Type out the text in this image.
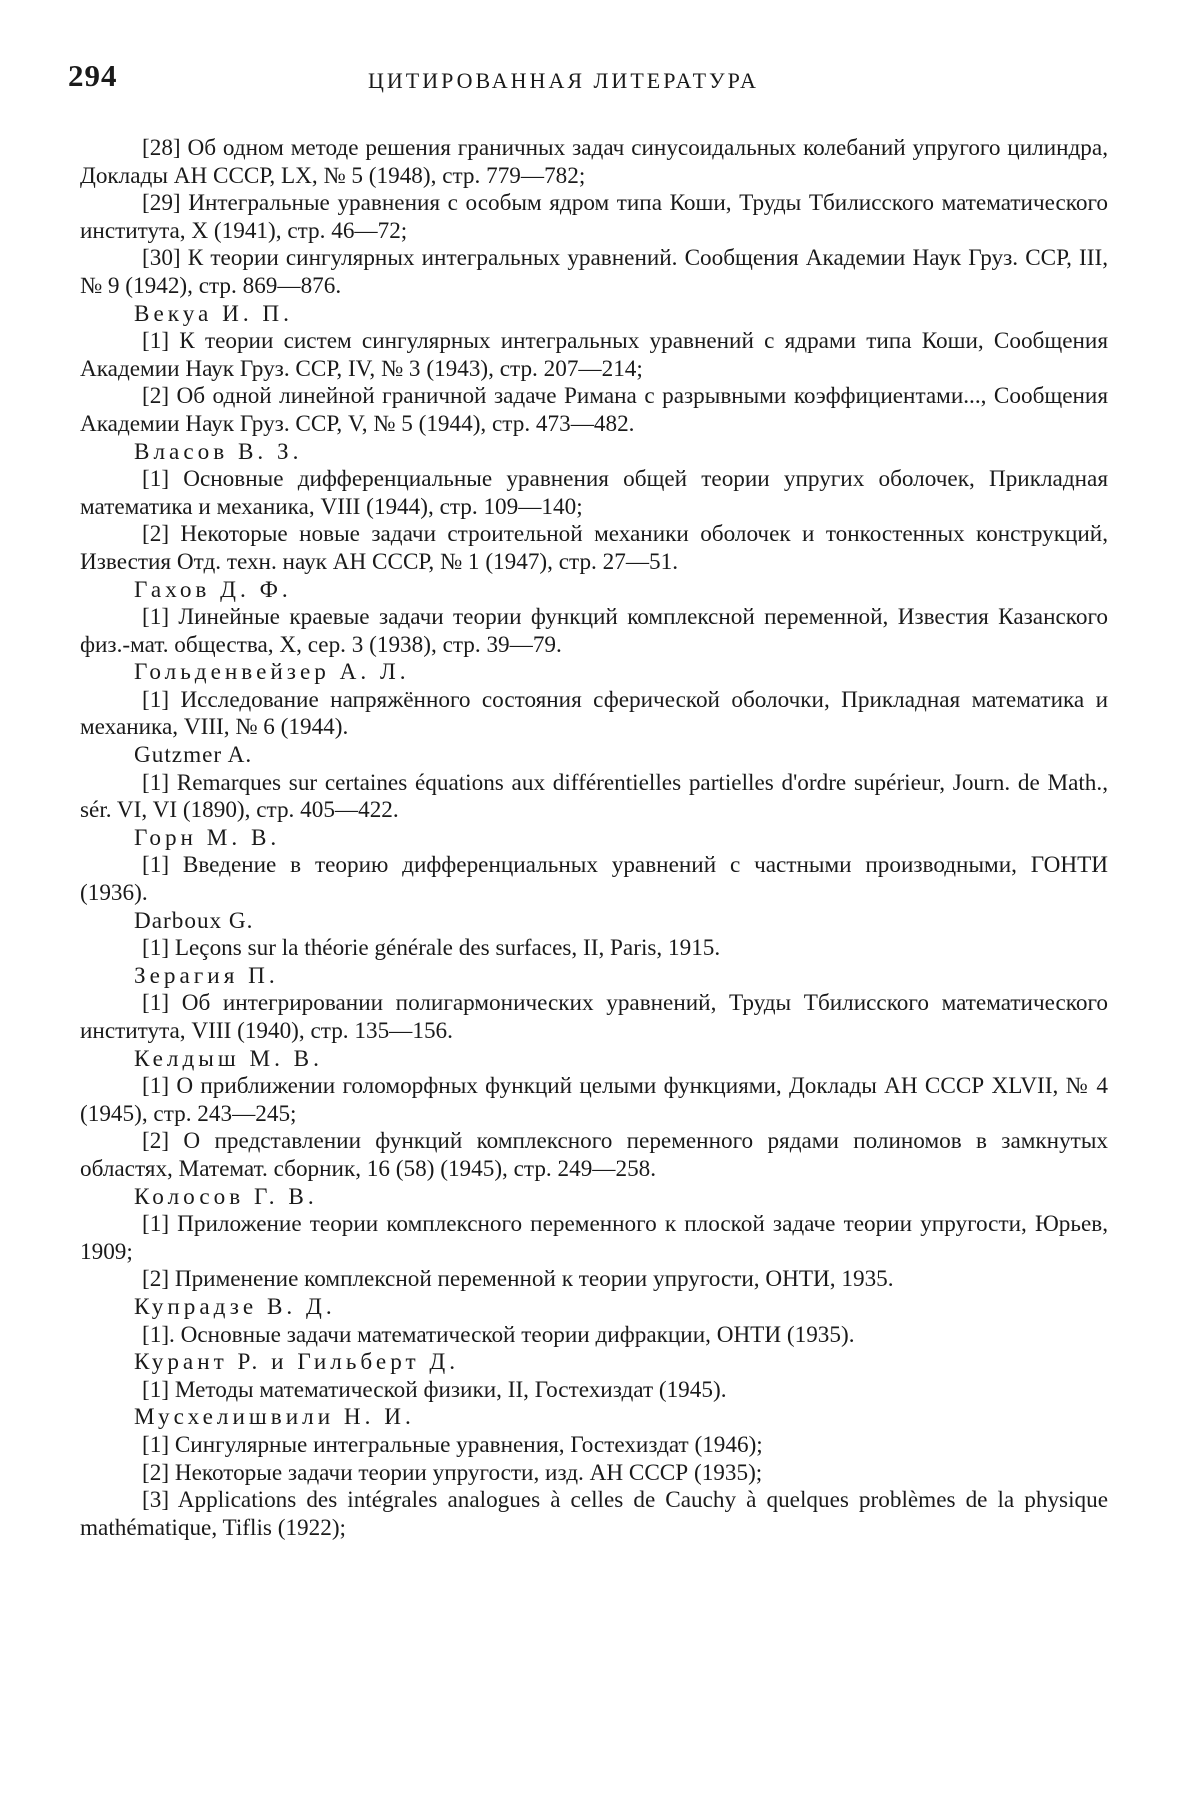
294	ЦИТИРОВАННАЯ ЛИТЕРАТУРА

[28] Об одном методе решения граничных задач синусоидальных колебаний упругого цилиндра, Доклады АН СССР, LX, № 5 (1948), стр. 779—782;

[29] Интегральные уравнения с особым ядром типа Коши, Труды Тбилисского математического института, X (1941), стр. 46—72;

[30] К теории сингулярных интегральных уравнений. Сообщения Академии Наук Груз. ССР, III, № 9 (1942), стр. 869—876.

Векуа И. П.

[1] К теории систем сингулярных интегральных уравнений с ядрами типа Коши, Сообщения Академии Наук Груз. ССР, IV, № 3 (1943), стр. 207—214;

[2] Об одной линейной граничной задаче Римана с разрывными коэффициентами..., Сообщения Академии Наук Груз. ССР, V, № 5 (1944), стр. 473—482.

Власов В. З.

[1] Основные дифференциальные уравнения общей теории упругих оболочек, Прикладная математика и механика, VIII (1944), стр. 109—140;

[2] Некоторые новые задачи строительной механики оболочек и тонкостенных конструкций, Известия Отд. техн. наук АН СССР, № 1 (1947), стр. 27—51.

Гахов Д. Ф.

[1] Линейные краевые задачи теории функций комплексной переменной, Известия Казанского физ.-мат. общества, X, сер. 3 (1938), стр. 39—79.

Гольденвейзер А. Л.

[1] Исследование напряжённого состояния сферической оболочки, Прикладная математика и механика, VIII, № 6 (1944).

Gutzmer A.

[1] Remarques sur certaines équations aux différentielles partielles d'ordre supérieur, Journ. de Math., sér. VI, VI (1890), стр. 405—422.

Горн М. В.

[1] Введение в теорию дифференциальных уравнений с частными производными, ГОНТИ (1936).

Darboux G.

[1] Leçons sur la théorie générale des surfaces, II, Paris, 1915.

Зерагия П.

[1] Об интегрировании полигармонических уравнений, Труды Тбилисского математического института, VIII (1940), стр. 135—156.

Келдыш М. В.

[1] О приближении голоморфных функций целыми функциями, Доклады АН СССР XLVII, № 4 (1945), стр. 243—245;

[2] О представлении функций комплексного переменного рядами полиномов в замкнутых областях, Математ. сборник, 16 (58) (1945), стр. 249—258.

Колосов Г. В.

[1] Приложение теории комплексного переменного к плоской задаче теории упругости, Юрьев, 1909;

[2] Применение комплексной переменной к теории упругости, ОНТИ, 1935.

Купрадзе В. Д.

[1]. Основные задачи математической теории дифракции, ОНТИ (1935).

Курант Р. и Гильберт Д.

[1] Методы математической физики, II, Гостехиздат (1945).

Мусхелишвили Н. И.

[1] Сингулярные интегральные уравнения, Гостехиздат (1946);

[2] Некоторые задачи теории упругости, изд. АН СССР (1935);

[3] Applications des intégrales analogues à celles de Cauchy à quelques problèmes de la physique mathématique, Tiflis (1922);
